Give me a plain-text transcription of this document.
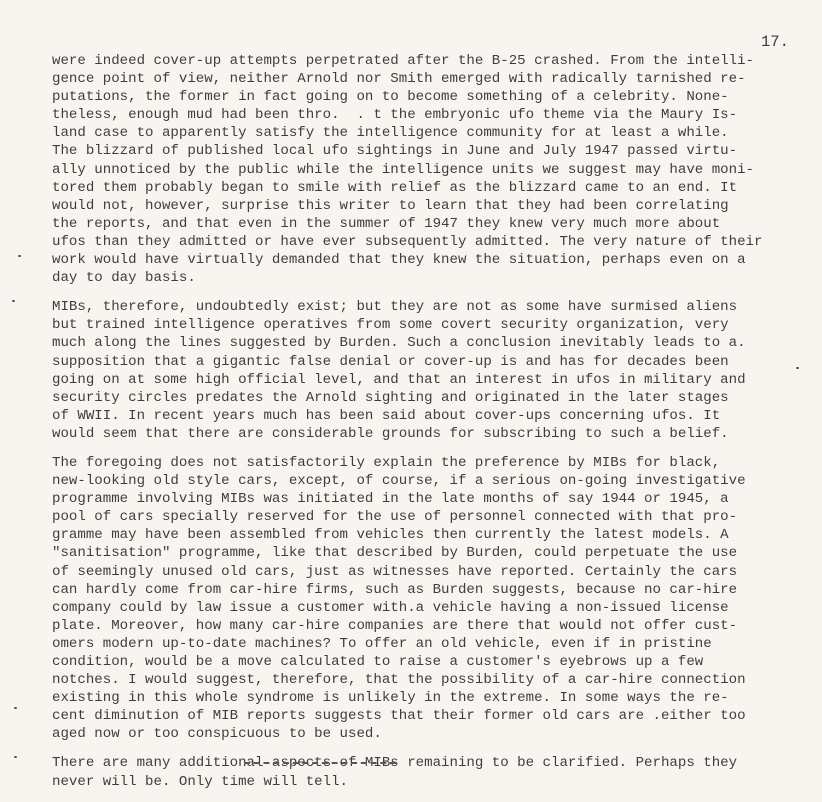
17.

were indeed cover-up attempts perpetrated after the B-25 crashed. From the intelli-
gence point of view, neither Arnold nor Smith emerged with radically tarnished re-
putations, the former in fact going on to become something of a celebrity. None-
theless, enough mud had been thro.  . t the embryonic ufo theme via the Maury Is-
land case to apparently satisfy the intelligence community for at least a while.
The blizzard of published local ufo sightings in June and July 1947 passed virtu-
ally unnoticed by the public while the intelligence units we suggest may have moni-
tored them probably began to smile with relief as the blizzard came to an end. It
would not, however, surprise this writer to learn that they had been correlating
the reports, and that even in the summer of 1947 they knew very much more about
ufos than they admitted or have ever subsequently admitted. The very nature of their
work would have virtually demanded that they knew the situation, perhaps even on a
day to day basis.

MIBs, therefore, undoubtedly exist; but they are not as some have surmised aliens
but trained intelligence operatives from some covert security organization, very
much along the lines suggested by Burden. Such a conclusion inevitably leads to a.
supposition that a gigantic false denial or cover-up is and has for decades been
going on at some high official level, and that an interest in ufos in military and
security circles predates the Arnold sighting and originated in the later stages
of WWII. In recent years much has been said about cover-ups concerning ufos. It
would seem that there are considerable grounds for subscribing to such a belief.

The foregoing does not satisfactorily explain the preference by MIBs for black,
new-looking old style cars, except, of course, if a serious on-going investigative
programme involving MIBs was initiated in the late months of say 1944 or 1945, a
pool of cars specially reserved for the use of personnel connected with that pro-
gramme may have been assembled from vehicles then currently the latest models. A
"sanitisation" programme, like that described by Burden, could perpetuate the use
of seemingly unused old cars, just as witnesses have reported. Certainly the cars
can hardly come from car-hire firms, such as Burden suggests, because no car-hire
company could by law issue a customer with.a vehicle having a non-issued license
plate. Moreover, how many car-hire companies are there that would not offer cust-
omers modern up-to-date machines? To offer an old vehicle, even if in pristine
condition, would be a move calculated to raise a customer's eyebrows up a few
notches. I would suggest, therefore, that the possibility of a car-hire connection
existing in this whole syndrome is unlikely in the extreme. In some ways the re-
cent diminution of MIB reports suggests that their former old cars are .either too
aged now or too conspicuous to be used.

There are many additional aspects of MIBs remaining to be clarified. Perhaps they
never will be. Only time will tell.
